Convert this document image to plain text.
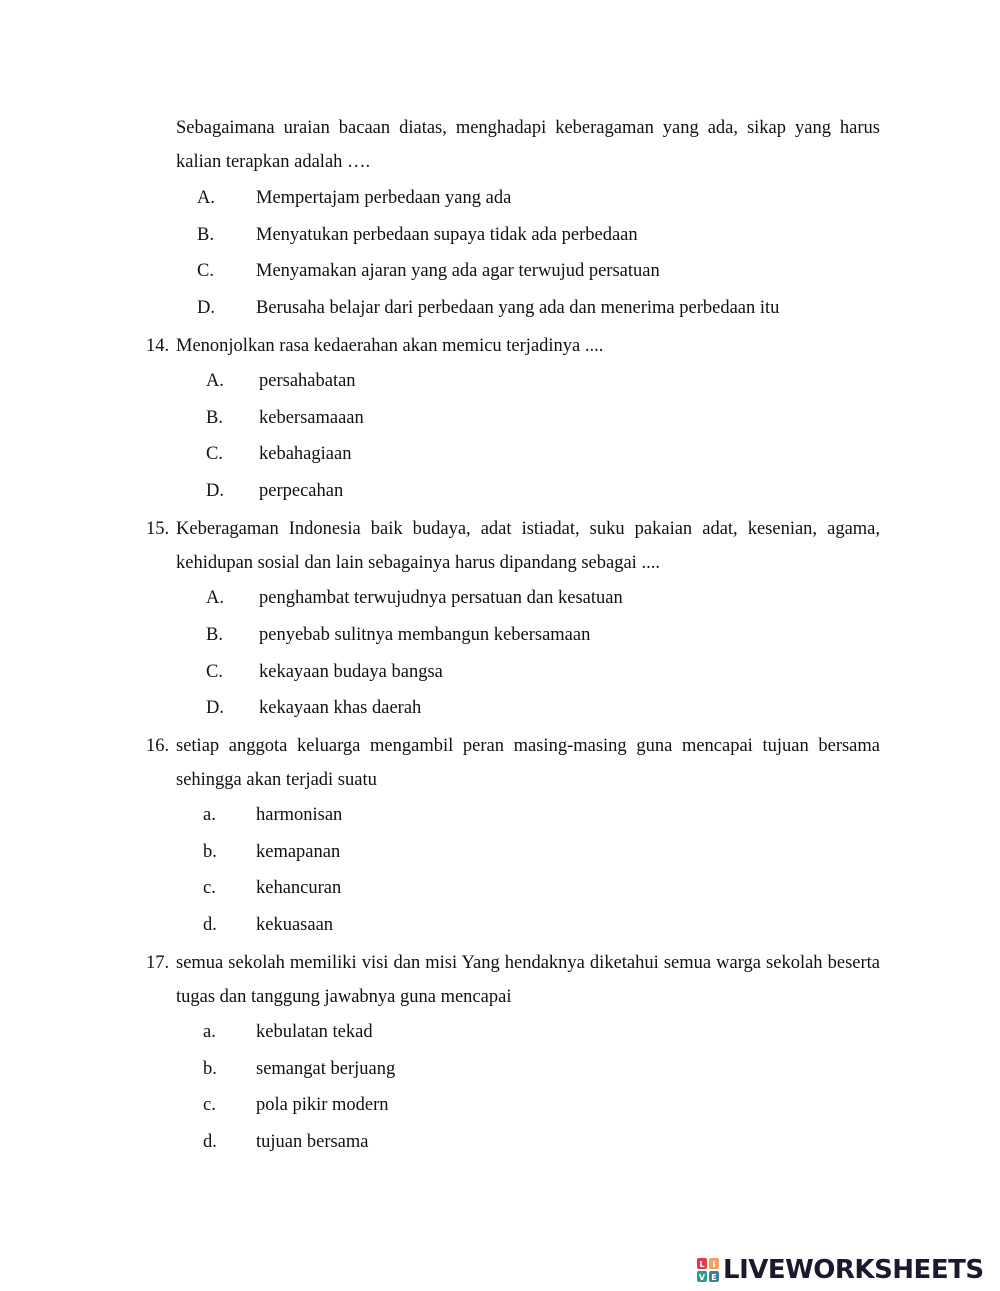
Sebagaimana uraian bacaan diatas, menghadapi keberagaman yang ada, sikap yang harus kalian terapkan adalah ….
A. Mempertajam perbedaan yang ada
B. Menyatukan perbedaan supaya tidak ada perbedaan
C. Menyamakan ajaran yang ada agar terwujud persatuan
D. Berusaha belajar dari perbedaan yang ada dan menerima perbedaan itu
14. Menonjolkan rasa kedaerahan akan memicu terjadinya ....
A. persahabatan
B. kebersamaaan
C. kebahagiaan
D. perpecahan
15. Keberagaman Indonesia baik budaya, adat istiadat, suku pakaian adat, kesenian, agama, kehidupan sosial dan lain sebagainya harus dipandang sebagai ....
A. penghambat terwujudnya persatuan dan kesatuan
B. penyebab sulitnya membangun kebersamaan
C. kekayaan budaya bangsa
D. kekayaan khas daerah
16. setiap anggota keluarga mengambil peran masing-masing guna mencapai tujuan bersama sehingga akan terjadi suatu
a. harmonisan
b. kemapanan
c. kehancuran
d. kekuasaan
17. semua sekolah memiliki visi dan misi Yang hendaknya diketahui semua warga sekolah beserta tugas dan tanggung jawabnya guna mencapai
a. kebulatan tekad
b. semangat berjuang
c. pola pikir modern
d. tujuan bersama
L I
V E LIVEWORKSHEETS
